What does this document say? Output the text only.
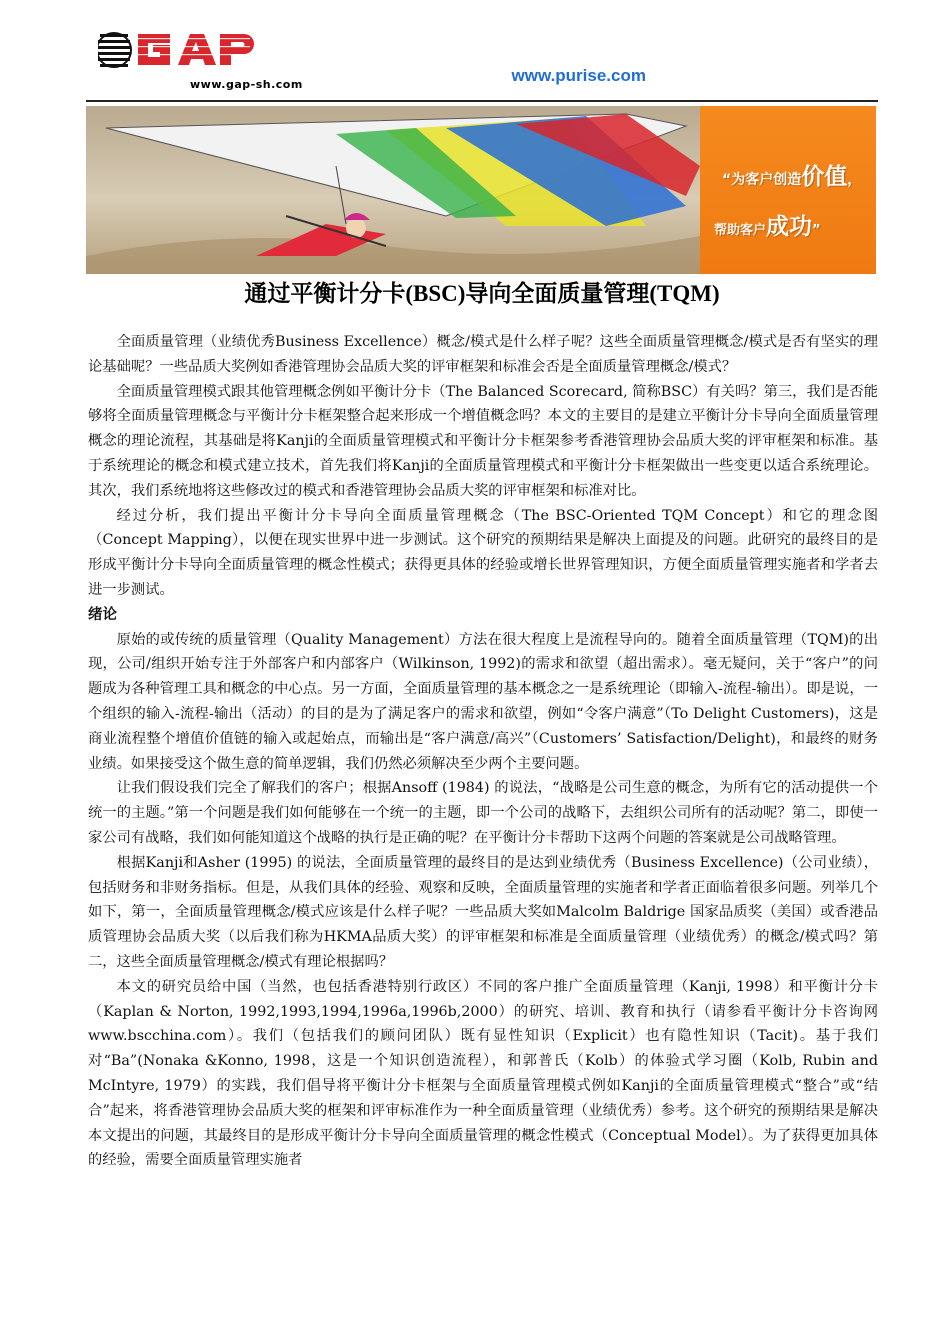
www.gap-sh.com	www.purise.com
“为客户创造价值，
帮助客户成功”
通过平衡计分卡(BSC)导向全面质量管理(TQM)

全面质量管理（业绩优秀Business Excellence）概念/模式是什么样子呢？这些全面质量管理概念/模式是否有坚实的理论基础呢？一些品质大奖例如香港管理协会品质大奖的评审框架和标准会否是全面质量管理概念/模式？

全面质量管理模式跟其他管理概念例如平衡计分卡（The Balanced Scorecard, 简称BSC）有关吗？第三，我们是否能够将全面质量管理概念与平衡计分卡框架整合起来形成一个增值概念吗？本文的主要目的是建立平衡计分卡导向全面质量管理概念的理论流程，其基础是将Kanji的全面质量管理模式和平衡计分卡框架参考香港管理协会品质大奖的评审框架和标准。基于系统理论的概念和模式建立技术，首先我们将Kanji的全面质量管理模式和平衡计分卡框架做出一些变更以适合系统理论。其次，我们系统地将这些修改过的模式和香港管理协会品质大奖的评审框架和标准对比。

经过分析，我们提出平衡计分卡导向全面质量管理概念（The BSC-Oriented TQM Concept）和它的理念图（Concept Mapping），以便在现实世界中进一步测试。这个研究的预期结果是解决上面提及的问题。此研究的最终目的是形成平衡计分卡导向全面质量管理的概念性模式；获得更具体的经验或增长世界管理知识，方便全面质量管理实施者和学者去进一步测试。

绪论

原始的或传统的质量管理（Quality Management）方法在很大程度上是流程导向的。随着全面质量管理（TQM)的出现，公司/组织开始专注于外部客户和内部客户（Wilkinson, 1992)的需求和欲望（超出需求）。毫无疑问，关于“客户”的问题成为各种管理工具和概念的中心点。另一方面，全面质量管理的基本概念之一是系统理论（即输入-流程-输出）。即是说，一个组织的输入-流程-输出（活动）的目的是为了满足客户的需求和欲望，例如“令客户满意”（To Delight Customers)，这是商业流程整个增值价值链的输入或起始点，而输出是“客户满意/高兴”（Customers’ Satisfaction/Delight)，和最终的财务业绩。如果接受这个做生意的简单逻辑，我们仍然必须解决至少两个主要问题。

让我们假设我们完全了解我们的客户；根据Ansoff (1984) 的说法，“战略是公司生意的概念，为所有它的活动提供一个统一的主题。”第一个问题是我们如何能够在一个统一的主题，即一个公司的战略下，去组织公司所有的活动呢？第二，即使一家公司有战略，我们如何能知道这个战略的执行是正确的呢？在平衡计分卡帮助下这两个问题的答案就是公司战略管理。

根据Kanji和Asher (1995) 的说法，全面质量管理的最终目的是达到业绩优秀（Business Excellence)（公司业绩），包括财务和非财务指标。但是，从我们具体的经验、观察和反映，全面质量管理的实施者和学者正面临着很多问题。列举几个如下，第一，全面质量管理概念/模式应该是什么样子呢？一些品质大奖如Malcolm Baldrige 国家品质奖（美国）或香港品质管理协会品质大奖（以后我们称为HKMA品质大奖）的评审框架和标准是全面质量管理（业绩优秀）的概念/模式吗？第二，这些全面质量管理概念/模式有理论根据吗？

本文的研究员给中国（当然，也包括香港特别行政区）不同的客户推广全面质量管理（Kanji, 1998）和平衡计分卡（Kaplan & Norton, 1992,1993,1994,1996a,1996b,2000）的研究、培训、教育和执行（请参看平衡计分卡咨询网www.bscchina.com）。我们（包括我们的顾问团队）既有显性知识（Explicit）也有隐性知识（Tacit)。基于我们对“Ba”(Nonaka &Konno, 1998，这是一个知识创造流程），和郭普氏（Kolb）的体验式学习圈（Kolb, Rubin and McIntyre, 1979）的实践，我们倡导将平衡计分卡框架与全面质量管理模式例如Kanji的全面质量管理模式“整合”或“结合”起来，将香港管理协会品质大奖的框架和评审标准作为一种全面质量管理（业绩优秀）参考。这个研究的预期结果是解决本文提出的问题，其最终目的是形成平衡计分卡导向全面质量管理的概念性模式（Conceptual Model）。为了获得更加具体的经验，需要全面质量管理实施者
